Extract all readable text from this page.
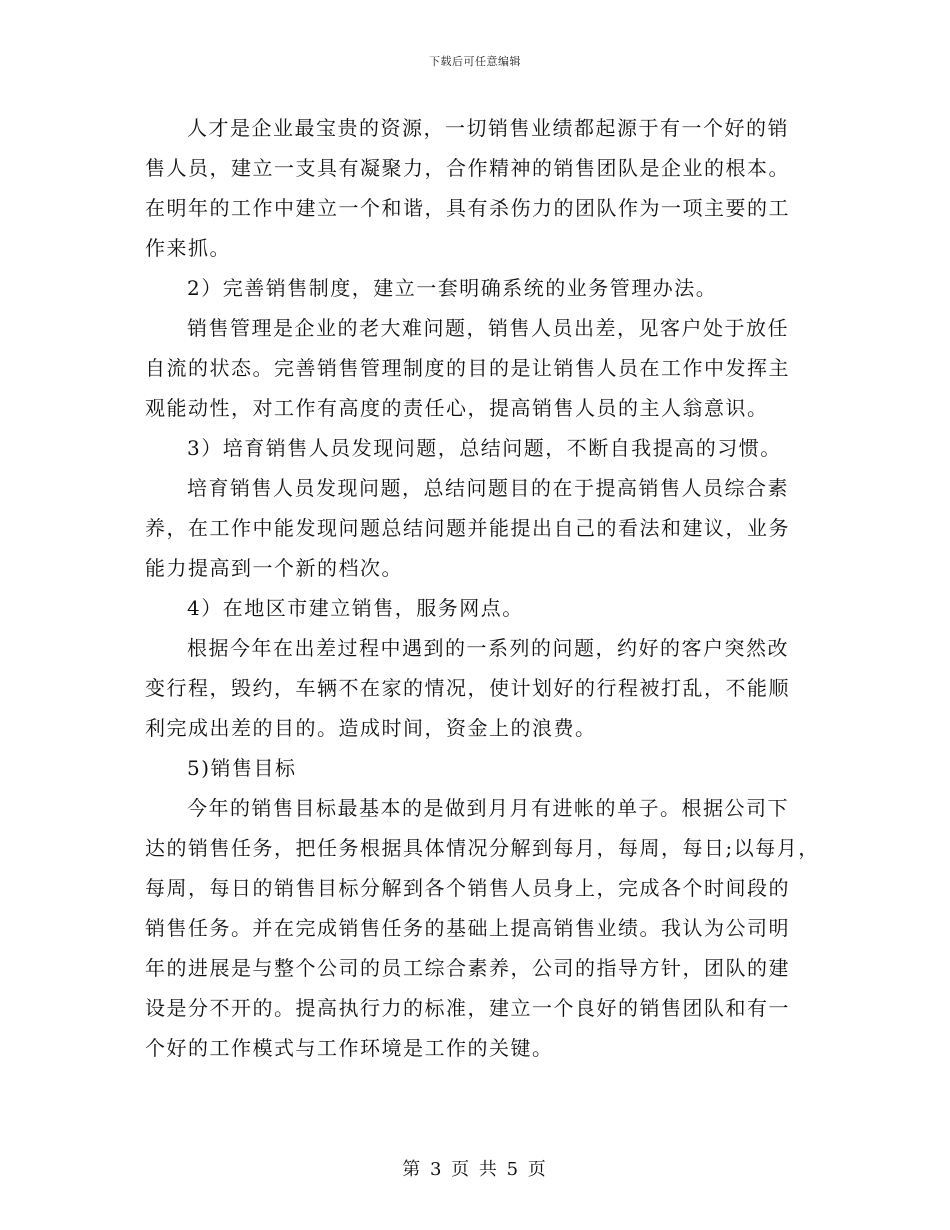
下载后可任意编辑
人才是企业最宝贵的资源，一切销售业绩都起源于有一个好的销
售人员，建立一支具有凝聚力，合作精神的销售团队是企业的根本。
在明年的工作中建立一个和谐，具有杀伤力的团队作为一项主要的工
作来抓。
2）完善销售制度，建立一套明确系统的业务管理办法。
销售管理是企业的老大难问题，销售人员出差，见客户处于放任
自流的状态。完善销售管理制度的目的是让销售人员在工作中发挥主
观能动性，对工作有高度的责任心，提高销售人员的主人翁意识。
3）培育销售人员发现问题，总结问题，不断自我提高的习惯。
培育销售人员发现问题，总结问题目的在于提高销售人员综合素
养，在工作中能发现问题总结问题并能提出自己的看法和建议，业务
能力提高到一个新的档次。
4）在地区市建立销售，服务网点。
根据今年在出差过程中遇到的一系列的问题，约好的客户突然改
变行程，毁约，车辆不在家的情况，使计划好的行程被打乱，不能顺
利完成出差的目的。造成时间，资金上的浪费。
5)销售目标
今年的销售目标最基本的是做到月月有进帐的单子。根据公司下
达的销售任务，把任务根据具体情况分解到每月，每周，每日;以每月，
每周，每日的销售目标分解到各个销售人员身上，完成各个时间段的
销售任务。并在完成销售任务的基础上提高销售业绩。我认为公司明
年的进展是与整个公司的员工综合素养，公司的指导方针，团队的建
设是分不开的。提高执行力的标准，建立一个良好的销售团队和有一
个好的工作模式与工作环境是工作的关键。
第 3 页 共 5 页
